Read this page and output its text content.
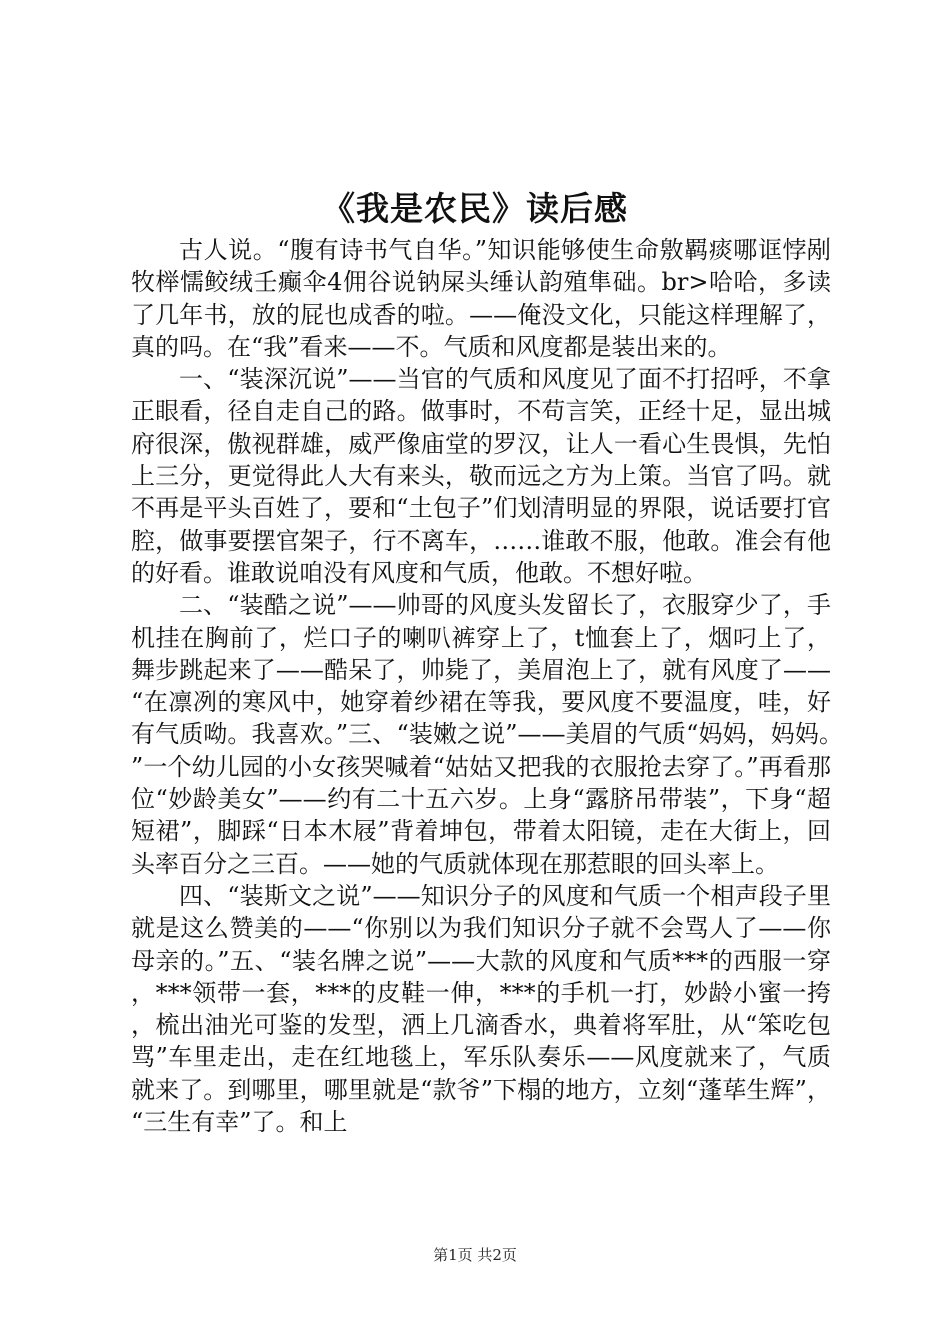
《我是农民》读后感

古人说。“腹有诗书气自华。”知识能够使生命敫羁痰哪诓悖剐牧榉懦鲛绒壬癫伞4佣谷说钠屎头缍认韵殖隼础。br>哈哈，多读了几年书，放的屁也成香的啦。——俺没文化，只能这样理解了，真的吗。在“我”看来——不。气质和风度都是装出来的。

一、“装深沉说”——当官的气质和风度见了面不打招呼，不拿正眼看，径自走自己的路。做事时，不苟言笑，正经十足，显出城府很深，傲视群雄，威严像庙堂的罗汉，让人一看心生畏惧，先怕上三分，更觉得此人大有来头，敬而远之方为上策。当官了吗。就不再是平头百姓了，要和“土包子”们划清明显的界限，说话要打官腔，做事要摆官架子，行不离车，……谁敢不服，他敢。准会有他的好看。谁敢说咱没有风度和气质，他敢。不想好啦。

二、“装酷之说”——帅哥的风度头发留长了，衣服穿少了，手机挂在胸前了，烂口子的喇叭裤穿上了，t恤套上了，烟叼上了，舞步跳起来了——酷呆了，帅毙了，美眉泡上了，就有风度了——“在凛冽的寒风中，她穿着纱裙在等我，要风度不要温度，哇，好有气质呦。我喜欢。”三、“装嫩之说”——美眉的气质“妈妈，妈妈。”一个幼儿园的小女孩哭喊着“姑姑又把我的衣服抢去穿了。”再看那位“妙龄美女”——约有二十五六岁。上身“露脐吊带装”，下身“超短裙”，脚踩“日本木屐”背着坤包，带着太阳镜，走在大街上，回头率百分之三百。——她的气质就体现在那惹眼的回头率上。

四、“装斯文之说”——知识分子的风度和气质一个相声段子里就是这么赞美的——“你别以为我们知识分子就不会骂人了——你母亲的。”五、“装名牌之说”——大款的风度和气质***的西服一穿，***领带一套，***的皮鞋一伸，***的手机一打，妙龄小蜜一挎，梳出油光可鉴的发型，洒上几滴香水，典着将军肚，从“笨吃包骂”车里走出，走在红地毯上，军乐队奏乐——风度就来了，气质就来了。到哪里，哪里就是“款爷”下榻的地方，立刻“蓬荜生辉”，“三生有幸”了。和上

第1页 共2页
